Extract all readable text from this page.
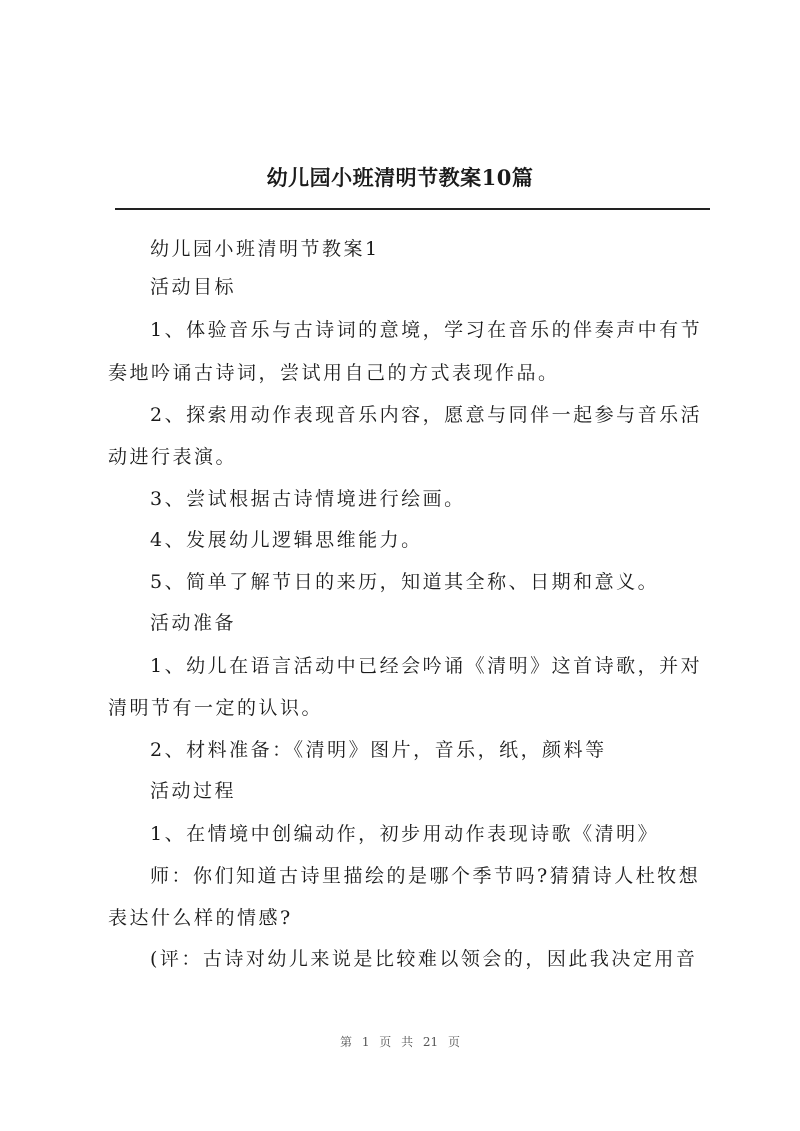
幼儿园小班清明节教案10篇
幼儿园小班清明节教案1
活动目标
1、体验音乐与古诗词的意境，学习在音乐的伴奏声中有节
奏地吟诵古诗词，尝试用自己的方式表现作品。
2、探索用动作表现音乐内容，愿意与同伴一起参与音乐活
动进行表演。
3、尝试根据古诗情境进行绘画。
4、发展幼儿逻辑思维能力。
5、简单了解节日的来历，知道其全称、日期和意义。
活动准备
1、幼儿在语言活动中已经会吟诵《清明》这首诗歌，并对
清明节有一定的认识。
2、材料准备：《清明》图片，音乐，纸，颜料等
活动过程
1、在情境中创编动作，初步用动作表现诗歌《清明》
师：你们知道古诗里描绘的是哪个季节吗?猜猜诗人杜牧想
表达什么样的情感?
(评：古诗对幼儿来说是比较难以领会的，因此我决定用音
第 1 页 共 21 页
